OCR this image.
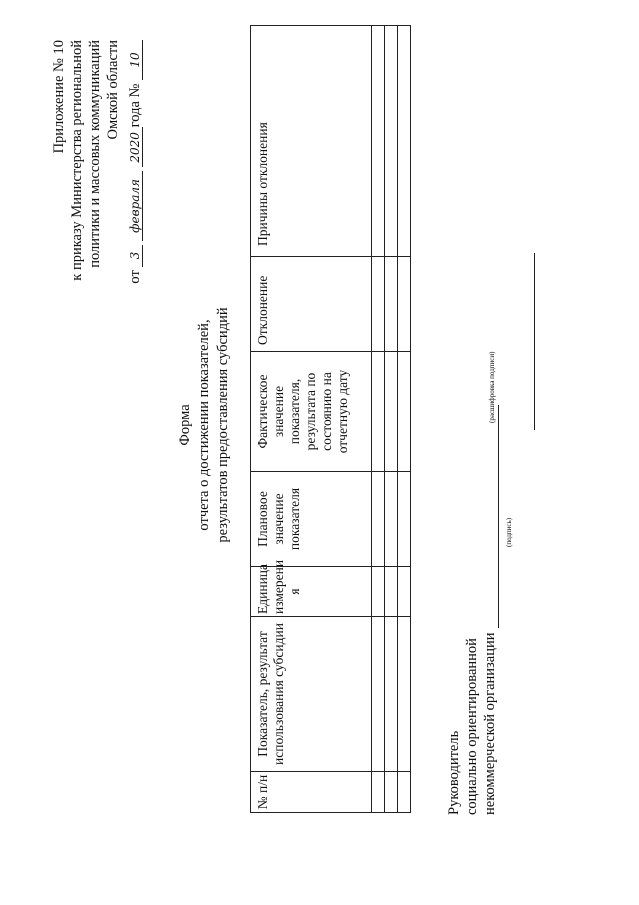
Приложение № 10 к приказу Министерства региональной политики и массовых коммуникаций Омской области
от 3 февраля 2020года № 10
Форма отчета о достижении показателей, результатов предоставления субсидий
№ п/н	Показатель, результат использования субсидии	Единица измерени я	Плановое значение показателя	Фактическое значение показателя, результата по состоянию на отчетную дату	Отклонение	Причины отклонения

Руководитель социально ориентированной некоммерческой организации
(подпись)
(расшифровка подписи)
